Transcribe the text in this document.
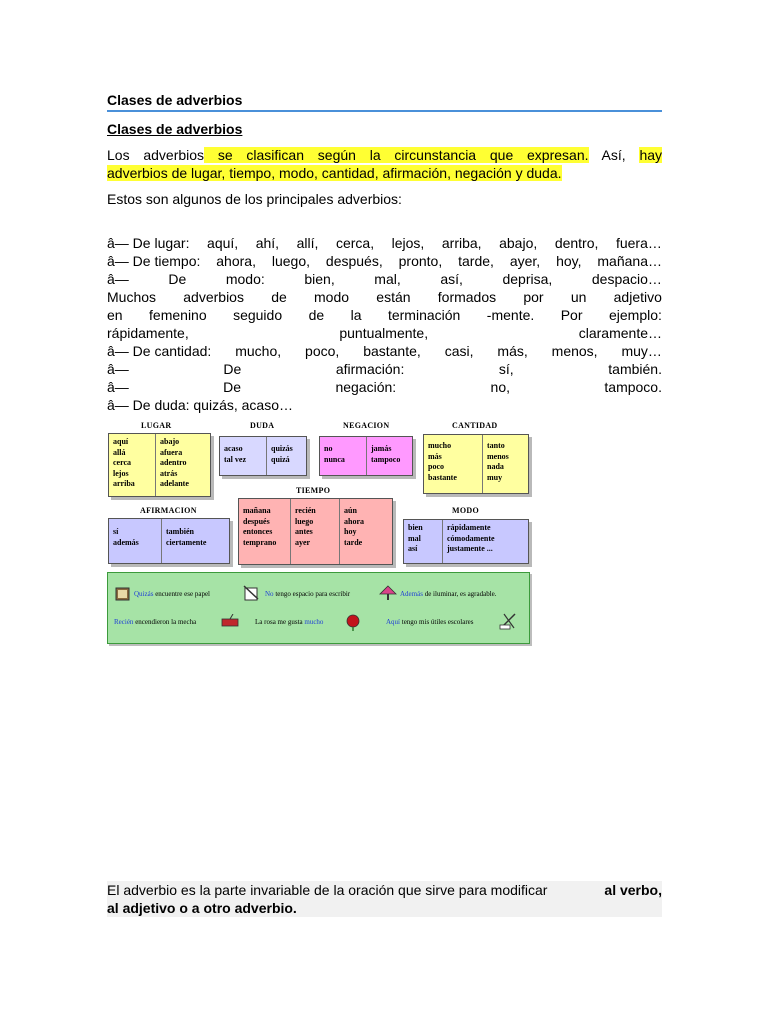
Clases de adverbios
Clases de adverbios
Los adverbios se clasifican según la circunstancia que expresan. Así, hay
adverbios de lugar, tiempo, modo, cantidad, afirmación, negación y duda.
Estos son algunos de los principales adverbios:
â— De lugar: aquí, ahí, allí, cerca, lejos, arriba, abajo, dentro, fuera…
â— De tiempo: ahora, luego, después, pronto, tarde, ayer, hoy, mañana…
â—	De	modo:	bien,	mal,	así,	deprisa,	despacio…
Muchos adverbios de modo están formados por un adjetivo
en femenino seguido de la terminación -mente. Por ejemplo:
rápidamente,	puntualmente,	claramente…
â— De cantidad: mucho, poco, bastante, casi, más, menos, muy…
â—	De	afirmación:	sí,	también.
â—	De	negación:	no,	tampoco.
â— De duda: quizás, acaso…
LUGAR
aquí
allá
cerca
lejos
arriba
abajo
afuera
adentro
atrás
adelante
DUDA
acaso
tal vez
quizás
quizá
NEGACION
no
nunca
jamás
tampoco
CANTIDAD
mucho
más
poco
bastante
tanto
menos
nada
muy
TIEMPO
mañana
después
entonces
temprano
recién
luego
antes
ayer
aún
ahora
hoy
tarde
AFIRMACION
sí
además
también
ciertamente
MODO
bien
mal
así
rápidamente
cómodamente
justamente ...
Quizás encuentre ese papel	No tengo espacio para escribir	Además de iluminar, es agradable.
Recién encendieron la mecha	La rosa me gusta mucho	Aquí tengo mis útiles escolares
El adverbio es la parte invariable de la oración que sirve para modificar	al verbo,
al adjetivo o a otro adverbio.
